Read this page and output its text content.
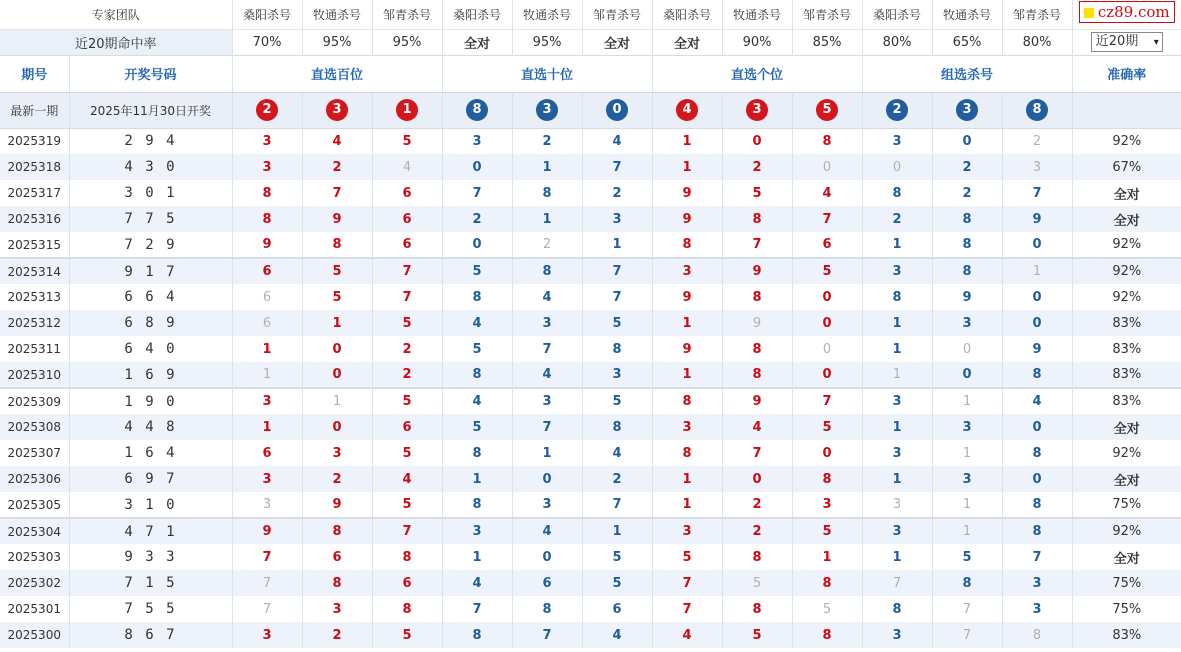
专家团队		桑阳杀号	牧通杀号	邹青杀号	桑阳杀号	牧通杀号	邹青杀号	桑阳杀号	牧通杀号	邹青杀号	桑阳杀号	牧通杀号	邹青杀号	cz89.com
近20期命中率		70%	95%	95%	全对	95%	全对	全对	90%	85%	80%	65%	80%	近20期 ▾

期号	开奖号码	直选百位			直选十位			直选个位			组选杀号			准确率
最新一期	2025年11月30日开奖	2	3	1	8	3	0	4	3	5	2	3	8	
2025319	2 9 4	3	4	5	3	2	4	1	0	8	3	0	2	92%
2025318	4 3 0	3	2	4	0	1	7	1	2	0	0	2	3	67%
2025317	3 0 1	8	7	6	7	8	2	9	5	4	8	2	7	全对
2025316	7 7 5	8	9	6	2	1	3	9	8	7	2	8	9	全对
2025315	7 2 9	9	8	6	0	2	1	8	7	6	1	8	0	92%
2025314	9 1 7	6	5	7	5	8	7	3	9	5	3	8	1	92%
2025313	6 6 4	6	5	7	8	4	7	9	8	0	8	9	0	92%
2025312	6 8 9	6	1	5	4	3	5	1	9	0	1	3	0	83%
2025311	6 4 0	1	0	2	5	7	8	9	8	0	1	0	9	83%
2025310	1 6 9	1	0	2	8	4	3	1	8	0	1	0	8	83%
2025309	1 9 0	3	1	5	4	3	5	8	9	7	3	1	4	83%
2025308	4 4 8	1	0	6	5	7	8	3	4	5	1	3	0	全对
2025307	1 6 4	6	3	5	8	1	4	8	7	0	3	1	8	92%
2025306	6 9 7	3	2	4	1	0	2	1	0	8	1	3	0	全对
2025305	3 1 0	3	9	5	8	3	7	1	2	3	3	1	8	75%
2025304	4 7 1	9	8	7	3	4	1	3	2	5	3	1	8	92%
2025303	9 3 3	7	6	8	1	0	5	5	8	1	1	5	7	全对
2025302	7 1 5	7	8	6	4	6	5	7	5	8	7	8	3	75%
2025301	7 5 5	7	3	8	7	8	6	7	8	5	8	7	3	75%
2025300	8 6 7	3	2	5	8	7	4	4	5	8	3	7	8	83%
